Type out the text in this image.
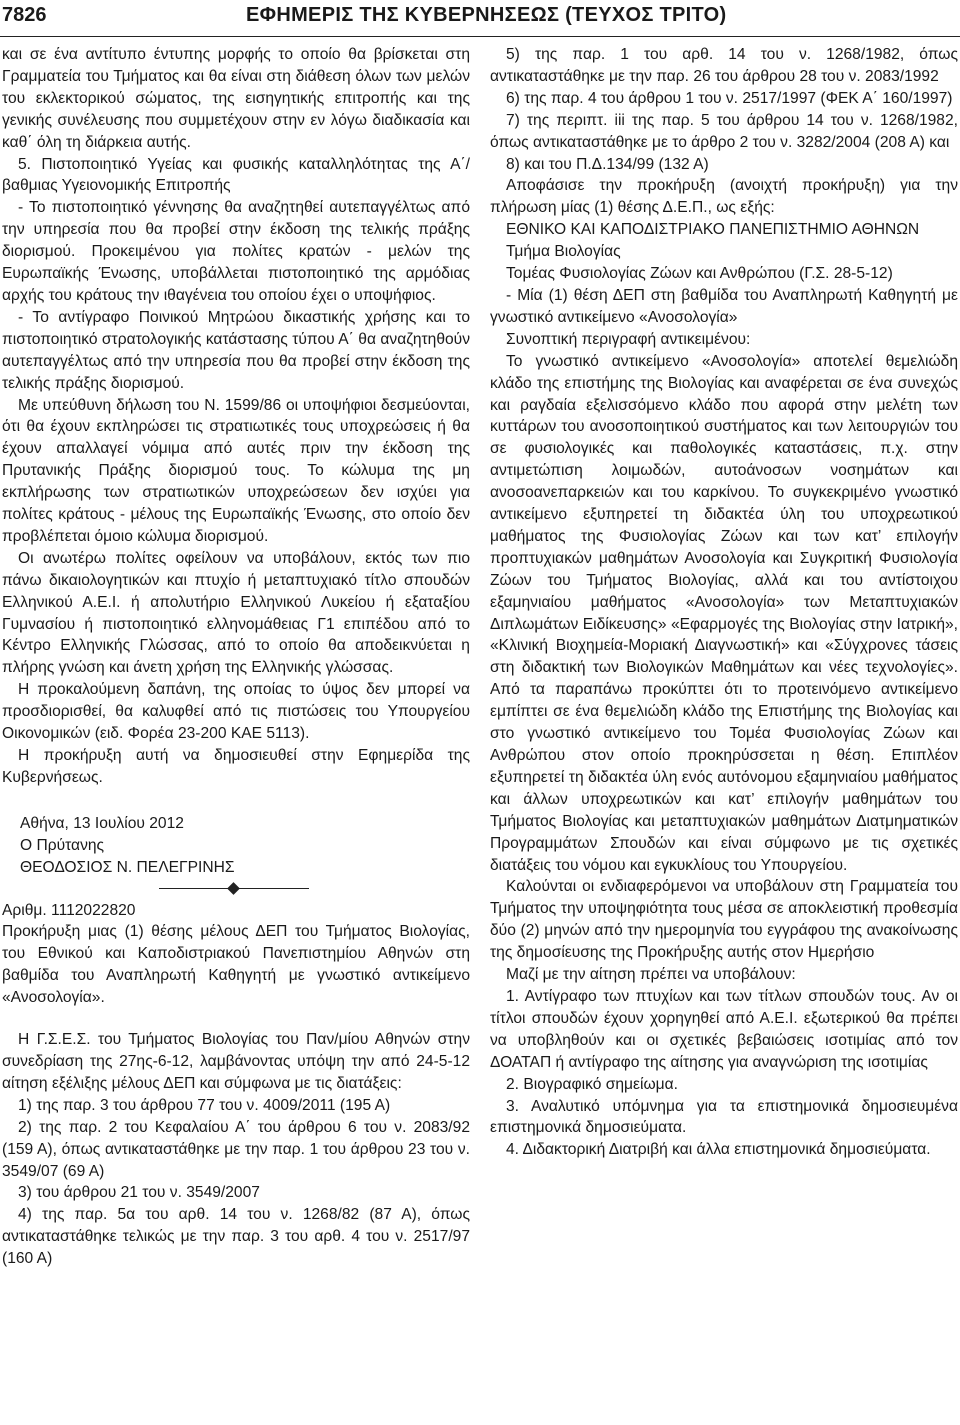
7826	ΕΦΗΜΕΡΙΣ ΤΗΣ ΚΥΒΕΡΝΗΣΕΩΣ (ΤΕΥΧΟΣ ΤΡΙΤΟ)

και σε ένα αντίτυπο έντυπης μορφής το οποίο θα βρίσκεται στη Γραμματεία του Τμήματος και θα είναι στη διάθεση όλων των μελών του εκλεκτορικού σώματος, της εισηγητικής επιτροπής και της γενικής συνέλευσης που συμμετέχουν στην εν λόγω διαδικασία και καθ΄ όλη τη διάρκεια αυτής.

5. Πιστοποιητικό Υγείας και φυσικής καταλληλότητας της Α΄/βαθμιας Υγειονομικής Επιτροπής

- Το πιστοποιητικό γέννησης θα αναζητηθεί αυτεπαγγέλτως από την υπηρεσία που θα προβεί στην έκδοση της τελικής πράξης διορισμού. Προκειμένου για πολίτες κρατών - μελών της Ευρωπαϊκής Ένωσης, υποβάλλεται πιστοποιητικό της αρμόδιας αρχής του κράτους την ιθαγένεια του οποίου έχει ο υποψήφιος.

- Το αντίγραφο Ποινικού Μητρώου δικαστικής χρήσης και το πιστοποιητικό στρατολογικής κατάστασης τύπου Α΄ θα αναζητηθούν αυτεπαγγέλτως από την υπηρεσία που θα προβεί στην έκδοση της τελικής πράξης διορισμού.

Με υπεύθυνη δήλωση του Ν. 1599/86 οι υποψήφιοι δεσμεύονται, ότι θα έχουν εκπληρώσει τις στρατιωτικές τους υποχρεώσεις ή θα έχουν απαλλαγεί νόμιμα από αυτές πριν την έκδοση της Πρυτανικής Πράξης διορισμού τους. Το κώλυμα της μη εκπλήρωσης των στρατιωτικών υποχρεώσεων δεν ισχύει για πολίτες κράτους - μέλους της Ευρωπαϊκής Ένωσης, στο οποίο δεν προβλέπεται όμοιο κώλυμα διορισμού.

Οι ανωτέρω πολίτες οφείλουν να υποβάλουν, εκτός των πιο πάνω δικαιολογητικών και πτυχίο ή μεταπτυχιακό τίτλο σπουδών Ελληνικού Α.Ε.Ι. ή απολυτήριο Ελληνικού Λυκείου ή εξαταξίου Γυμνασίου ή πιστοποιητικό ελληνομάθειας Γ1 επιπέδου από το Κέντρο Ελληνικής Γλώσσας, από το οποίο θα αποδεικνύεται η πλήρης γνώση και άνετη χρήση της Ελληνικής γλώσσας.

Η προκαλούμενη δαπάνη, της οποίας το ύψος δεν μπορεί να προσδιορισθεί, θα καλυφθεί από τις πιστώσεις του Υπουργείου Οικονομικών (ειδ. Φορέα 23-200 ΚΑΕ 5113).

Η προκήρυξη αυτή να δημοσιευθεί στην Εφημερίδα της Κυβερνήσεως.

Αθήνα, 13 Ιουλίου 2012

Ο Πρύτανης

ΘΕΟΔΟΣΙΟΣ Ν. ΠΕΛΕΓΡΙΝΗΣ

Αριθμ. 1112022820

Προκήρυξη μιας (1) θέσης μέλους ΔΕΠ του Τμήματος Βιολογίας, του Εθνικού και Καποδιστριακού Πανεπιστημίου Αθηνών στη βαθμίδα του Αναπληρωτή Καθηγητή με γνωστικό αντικείμενο «Ανοσολογία».

Η Γ.Σ.Ε.Σ. του Τμήματος Βιολογίας του Παν/μίου Αθηνών στην συνεδρίαση της 27ης-6-12, λαμβάνοντας υπόψη την από 24-5-12 αίτηση εξέλιξης μέλους ΔΕΠ και σύμφωνα με τις διατάξεις:

1) της παρ. 3 του άρθρου 77 του ν. 4009/2011 (195 Α)

2) της παρ. 2 του Κεφαλαίου Α΄ του άρθρου 6 του ν. 2083/92 (159 Α), όπως αντικαταστάθηκε με την παρ. 1 του άρθρου 23 του ν. 3549/07 (69 Α)

3) του άρθρου 21 του ν. 3549/2007

4) της παρ. 5α του αρθ. 14 του ν. 1268/82 (87 Α), όπως αντικαταστάθηκε τελικώς με την παρ. 3 του αρθ. 4 του ν. 2517/97 (160 Α)

5) της παρ. 1 του αρθ. 14 του ν. 1268/1982, όπως αντικαταστάθηκε με την παρ. 26 του άρθρου 28 του ν. 2083/1992

6) της παρ. 4 του άρθρου 1 του ν. 2517/1997 (ΦΕΚ Α΄ 160/1997)

7) της περιπτ. iii της παρ. 5 του άρθρου 14 του ν. 1268/1982, όπως αντικαταστάθηκε με το άρθρο 2 του ν. 3282/2004 (208 Α) και

8) και του Π.Δ.134/99 (132 Α)

Αποφάσισε την προκήρυξη (ανοιχτή προκήρυξη) για την πλήρωση μίας (1) θέσης Δ.Ε.Π., ως εξής:

ΕΘΝΙΚΟ ΚΑΙ ΚΑΠΟΔΙΣΤΡΙΑΚΟ ΠΑΝΕΠΙΣΤΗΜΙΟ ΑΘΗΝΩΝ

Τμήμα Βιολογίας

Τομέας Φυσιολογίας Ζώων και Ανθρώπου (Γ.Σ. 28-5-12)

- Μία (1) θέση ΔΕΠ στη βαθμίδα του Αναπληρωτή Καθηγητή με γνωστικό αντικείμενο «Ανοσολογία»

Συνοπτική περιγραφή αντικειμένου:

Το γνωστικό αντικείμενο «Ανοσολογία» αποτελεί θεμελιώδη κλάδο της επιστήμης της Βιολογίας και αναφέρεται σε ένα συνεχώς και ραγδαία εξελισσόμενο κλάδο που αφορά στην μελέτη των κυττάρων του ανοσοποιητικού συστήματος και των λειτουργιών του σε φυσιολογικές και παθολογικές καταστάσεις, π.χ. στην αντιμετώπιση λοιμωδών, αυτοάνοσων νοσημάτων και ανοσοανεπαρκειών και του καρκίνου. Το συγκεκριμένο γνωστικό αντικείμενο εξυπηρετεί τη διδακτέα ύλη του υποχρεωτικού μαθήματος της Φυσιολογίας Ζώων και των κατ’ επιλογήν προπτυχιακών μαθημάτων Ανοσολογία και Συγκριτική Φυσιολογία Ζώων του Τμήματος Βιολογίας, αλλά και του αντίστοιχου εξαμηνιαίου μαθήματος «Ανοσολογία» των Μεταπτυχιακών Διπλωμάτων Ειδίκευσης» «Εφαρμογές της Βιολογίας στην Ιατρική», «Κλινική Βιοχημεία-Μοριακή Διαγνωστική» και «Σύγχρονες τάσεις στη διδακτική των Βιολογικών Μαθημάτων και νέες τεχνολογίες». Από τα παραπάνω προκύπτει ότι το προτεινόμενο αντικείμενο εμπίπτει σε ένα θεμελιώδη κλάδο της Επιστήμης της Βιολογίας και στο γνωστικό αντικείμενο του Τομέα Φυσιολογίας Ζώων και Ανθρώπου στον οποίο προκηρύσσεται η θέση. Επιπλέον εξυπηρετεί τη διδακτέα ύλη ενός αυτόνομου εξαμηνιαίου μαθήματος και άλλων υποχρεωτικών και κατ’ επιλογήν μαθημάτων του Τμήματος Βιολογίας και μεταπτυχιακών μαθημάτων Διατμηματικών Προγραμμάτων Σπουδών και είναι σύμφωνο με τις σχετικές διατάξεις του νόμου και εγκυκλίους του Υπουργείου.

Καλούνται οι ενδιαφερόμενοι να υποβάλουν στη Γραμματεία του Τμήματος την υποψηφιότητα τους μέσα σε αποκλειστική προθεσμία δύο (2) μηνών από την ημερομηνία του εγγράφου της ανακοίνωσης της δημοσίευσης της Προκήρυξης αυτής στον Ημερήσιο

Μαζί με την αίτηση πρέπει να υποβάλουν:

1. Αντίγραφο των πτυχίων και των τίτλων σπουδών τους. Αν οι τίτλοι σπουδών έχουν χορηγηθεί από Α.Ε.Ι. εξωτερικού θα πρέπει να υποβληθούν και οι σχετικές βεβαιώσεις ισοτιμίας από τον ΔΟΑΤΑΠ ή αντίγραφο της αίτησης για αναγνώριση της ισοτιμίας

2. Βιογραφικό σημείωμα.

3. Αναλυτικό υπόμνημα για τα επιστημονικά δημοσιευμένα επιστημονικά δημοσιεύματα.

4. Διδακτορική Διατριβή και άλλα επιστημονικά δημοσιεύματα.
